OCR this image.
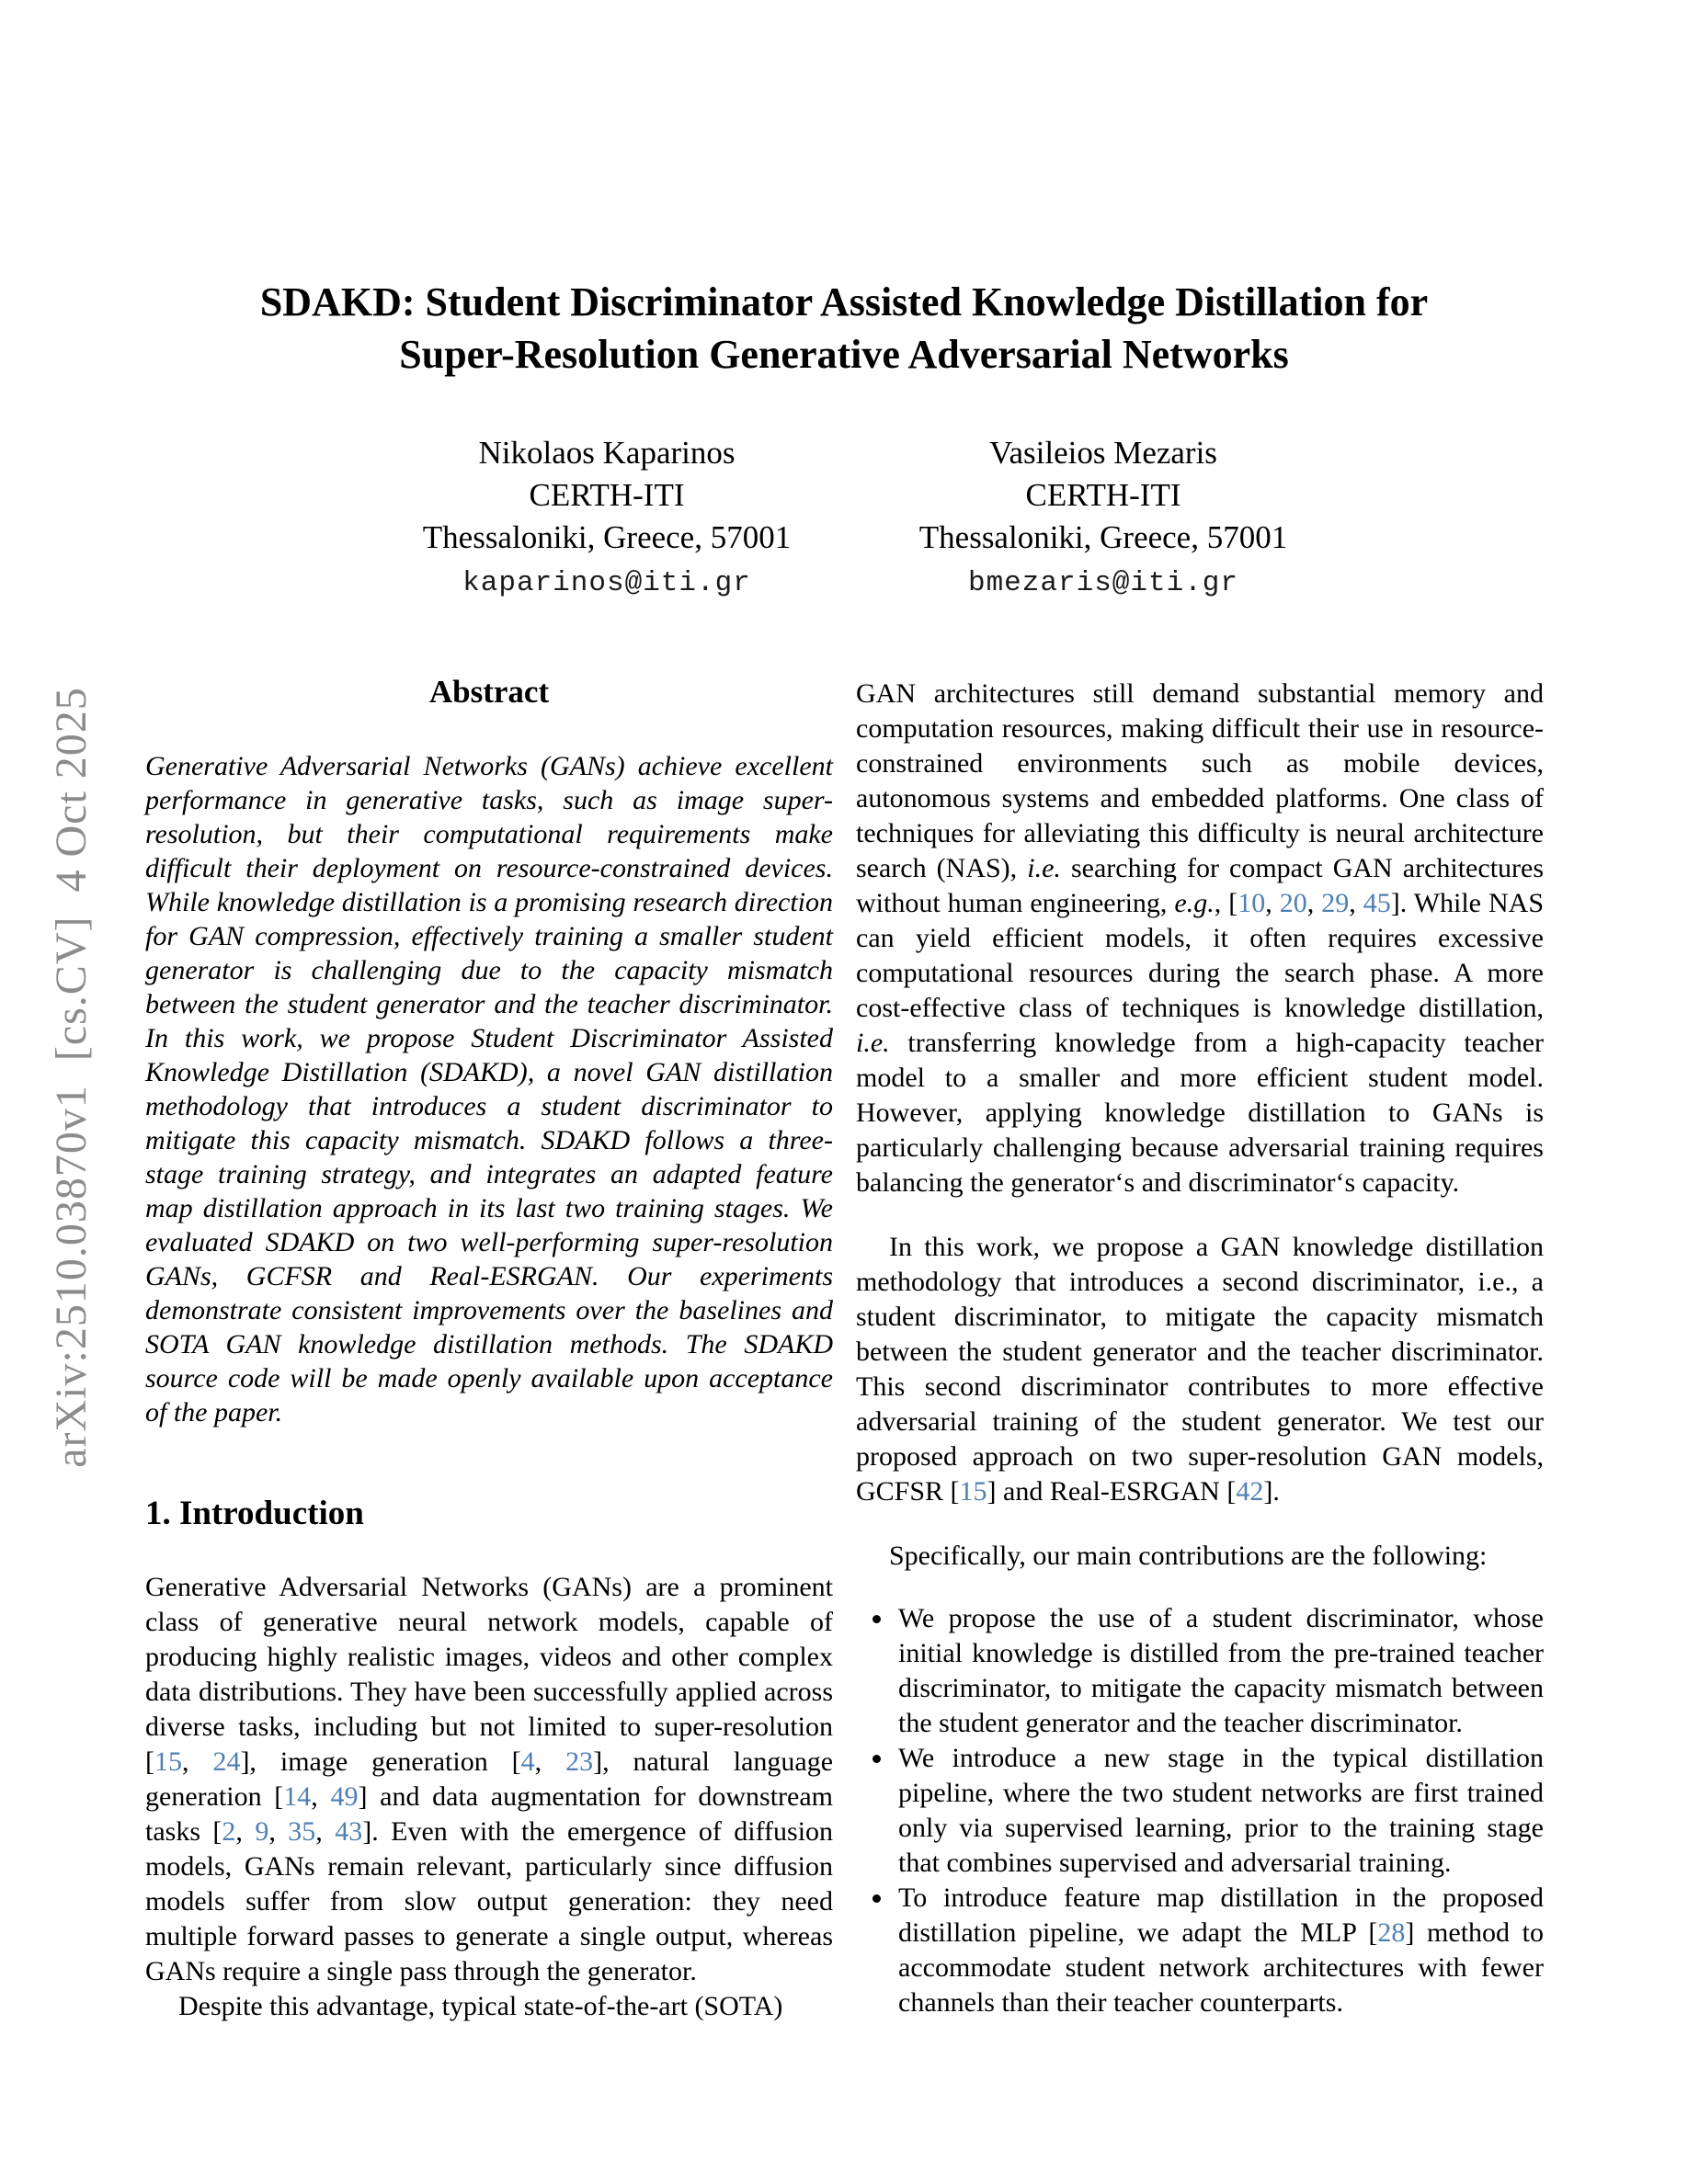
arXiv:2510.03870v1  [cs.CV]  4 Oct 2025
SDAKD: Student Discriminator Assisted Knowledge Distillation for
Super-Resolution Generative Adversarial Networks
Nikolaos Kaparinos
CERTH-ITI
Thessaloniki, Greece, 57001
kaparinos@iti.gr
Vasileios Mezaris
CERTH-ITI
Thessaloniki, Greece, 57001
bmezaris@iti.gr
Abstract

Generative Adversarial Networks (GANs) achieve excellent performance in generative tasks, such as image super-resolution, but their computational requirements make difficult their deployment on resource-constrained devices. While knowledge distillation is a promising research direction for GAN compression, effectively training a smaller student generator is challenging due to the capacity mismatch between the student generator and the teacher discriminator. In this work, we propose Student Discriminator Assisted Knowledge Distillation (SDAKD), a novel GAN distillation methodology that introduces a student discriminator to mitigate this capacity mismatch. SDAKD follows a three-stage training strategy, and integrates an adapted feature map distillation approach in its last two training stages. We evaluated SDAKD on two well-performing super-resolution GANs, GCFSR and Real-ESRGAN. Our experiments demonstrate consistent improvements over the baselines and SOTA GAN knowledge distillation methods. The SDAKD source code will be made openly available upon acceptance of the paper.

1. Introduction

Generative Adversarial Networks (GANs) are a prominent class of generative neural network models, capable of producing highly realistic images, videos and other complex data distributions. They have been successfully applied across diverse tasks, including but not limited to super-resolution [15, 24], image generation [4, 23], natural language generation [14, 49] and data augmentation for downstream tasks [2, 9, 35, 43]. Even with the emergence of diffusion models, GANs remain relevant, particularly since diffusion models suffer from slow output generation: they need multiple forward passes to generate a single output, whereas GANs require a single pass through the generator.

Despite this advantage, typical state-of-the-art (SOTA)

GAN architectures still demand substantial memory and computation resources, making difficult their use in resource-constrained environments such as mobile devices, autonomous systems and embedded platforms. One class of techniques for alleviating this difficulty is neural architecture search (NAS), i.e. searching for compact GAN architectures without human engineering, e.g., [10, 20, 29, 45]. While NAS can yield efficient models, it often requires excessive computational resources during the search phase. A more cost-effective class of techniques is knowledge distillation, i.e. transferring knowledge from a high-capacity teacher model to a smaller and more efficient student model. However, applying knowledge distillation to GANs is particularly challenging because adversarial training requires balancing the generator‘s and discriminator‘s capacity.

In this work, we propose a GAN knowledge distillation methodology that introduces a second discriminator, i.e., a student discriminator, to mitigate the capacity mismatch between the student generator and the teacher discriminator. This second discriminator contributes to more effective adversarial training of the student generator. We test our proposed approach on two super-resolution GAN models, GCFSR [15] and Real-ESRGAN [42].

Specifically, our main contributions are the following:

• We propose the use of a student discriminator, whose initial knowledge is distilled from the pre-trained teacher discriminator, to mitigate the capacity mismatch between the student generator and the teacher discriminator.
• We introduce a new stage in the typical distillation pipeline, where the two student networks are first trained only via supervised learning, prior to the training stage that combines supervised and adversarial training.
• To introduce feature map distillation in the proposed distillation pipeline, we adapt the MLP [28] method to accommodate student network architectures with fewer channels than their teacher counterparts.
